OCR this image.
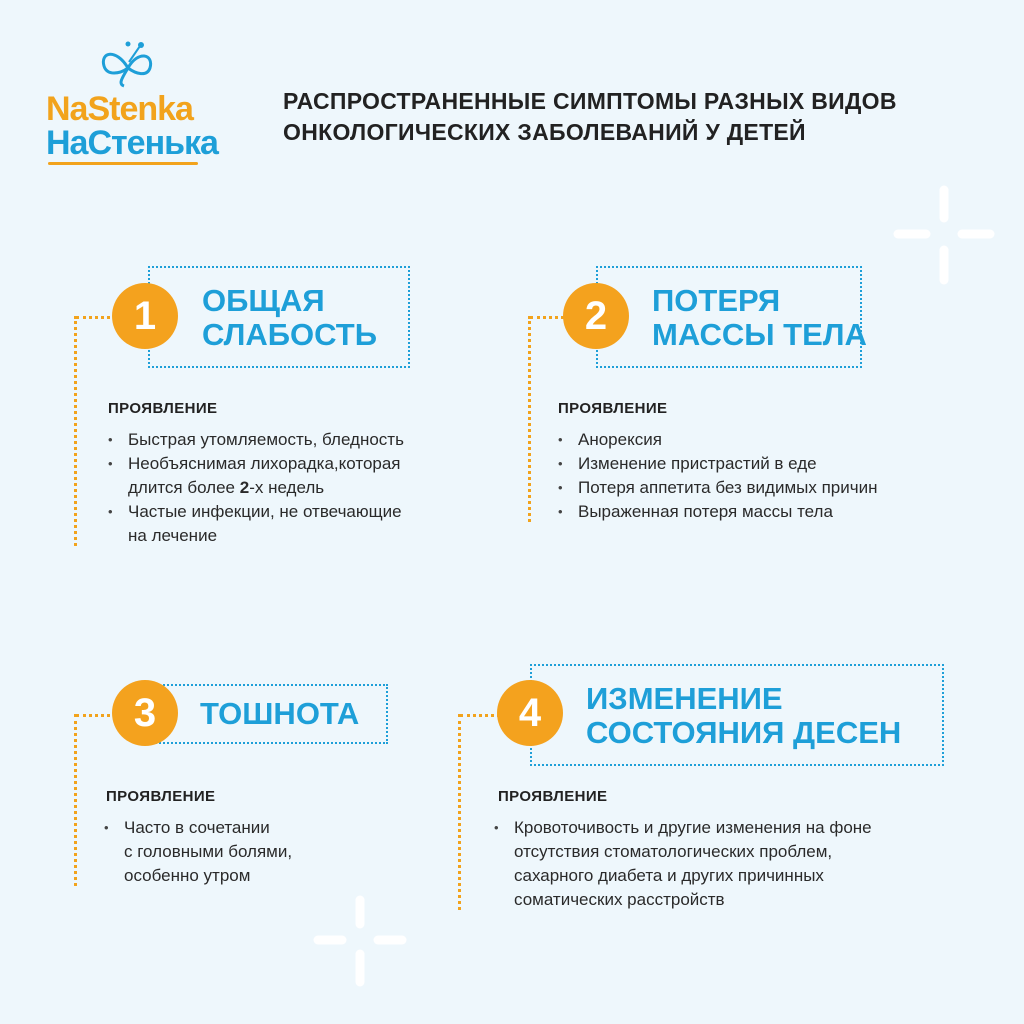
NaStenka
НаСтенька
РАСПРОСТРАНЕННЫЕ СИМПТОМЫ РАЗНЫХ ВИДОВ
ОНКОЛОГИЧЕСКИХ ЗАБОЛЕВАНИЙ У ДЕТЕЙ
1	ОБЩАЯ
СЛАБОСТЬ
ПРОЯВЛЕНИЕ
• Быстрая утомляемость, бледность
• Необъяснимая лихорадка,которая
длится более 2-х недель
• Частые инфекции, не отвечающие
на лечение
2	ПОТЕРЯ
МАССЫ ТЕЛА
ПРОЯВЛЕНИЕ
• Анорексия
• Изменение пристрастий в еде
• Потеря аппетита без видимых причин
• Выраженная потеря массы тела
3	ТОШНОТА
ПРОЯВЛЕНИЕ
• Часто в сочетании
с головными болями,
особенно утром
4	ИЗМЕНЕНИЕ
СОСТОЯНИЯ ДЕСЕН
ПРОЯВЛЕНИЕ
• Кровоточивость и другие изменения на фоне
отсутствия стоматологических проблем,
сахарного диабета и других причинных
соматических расстройств
